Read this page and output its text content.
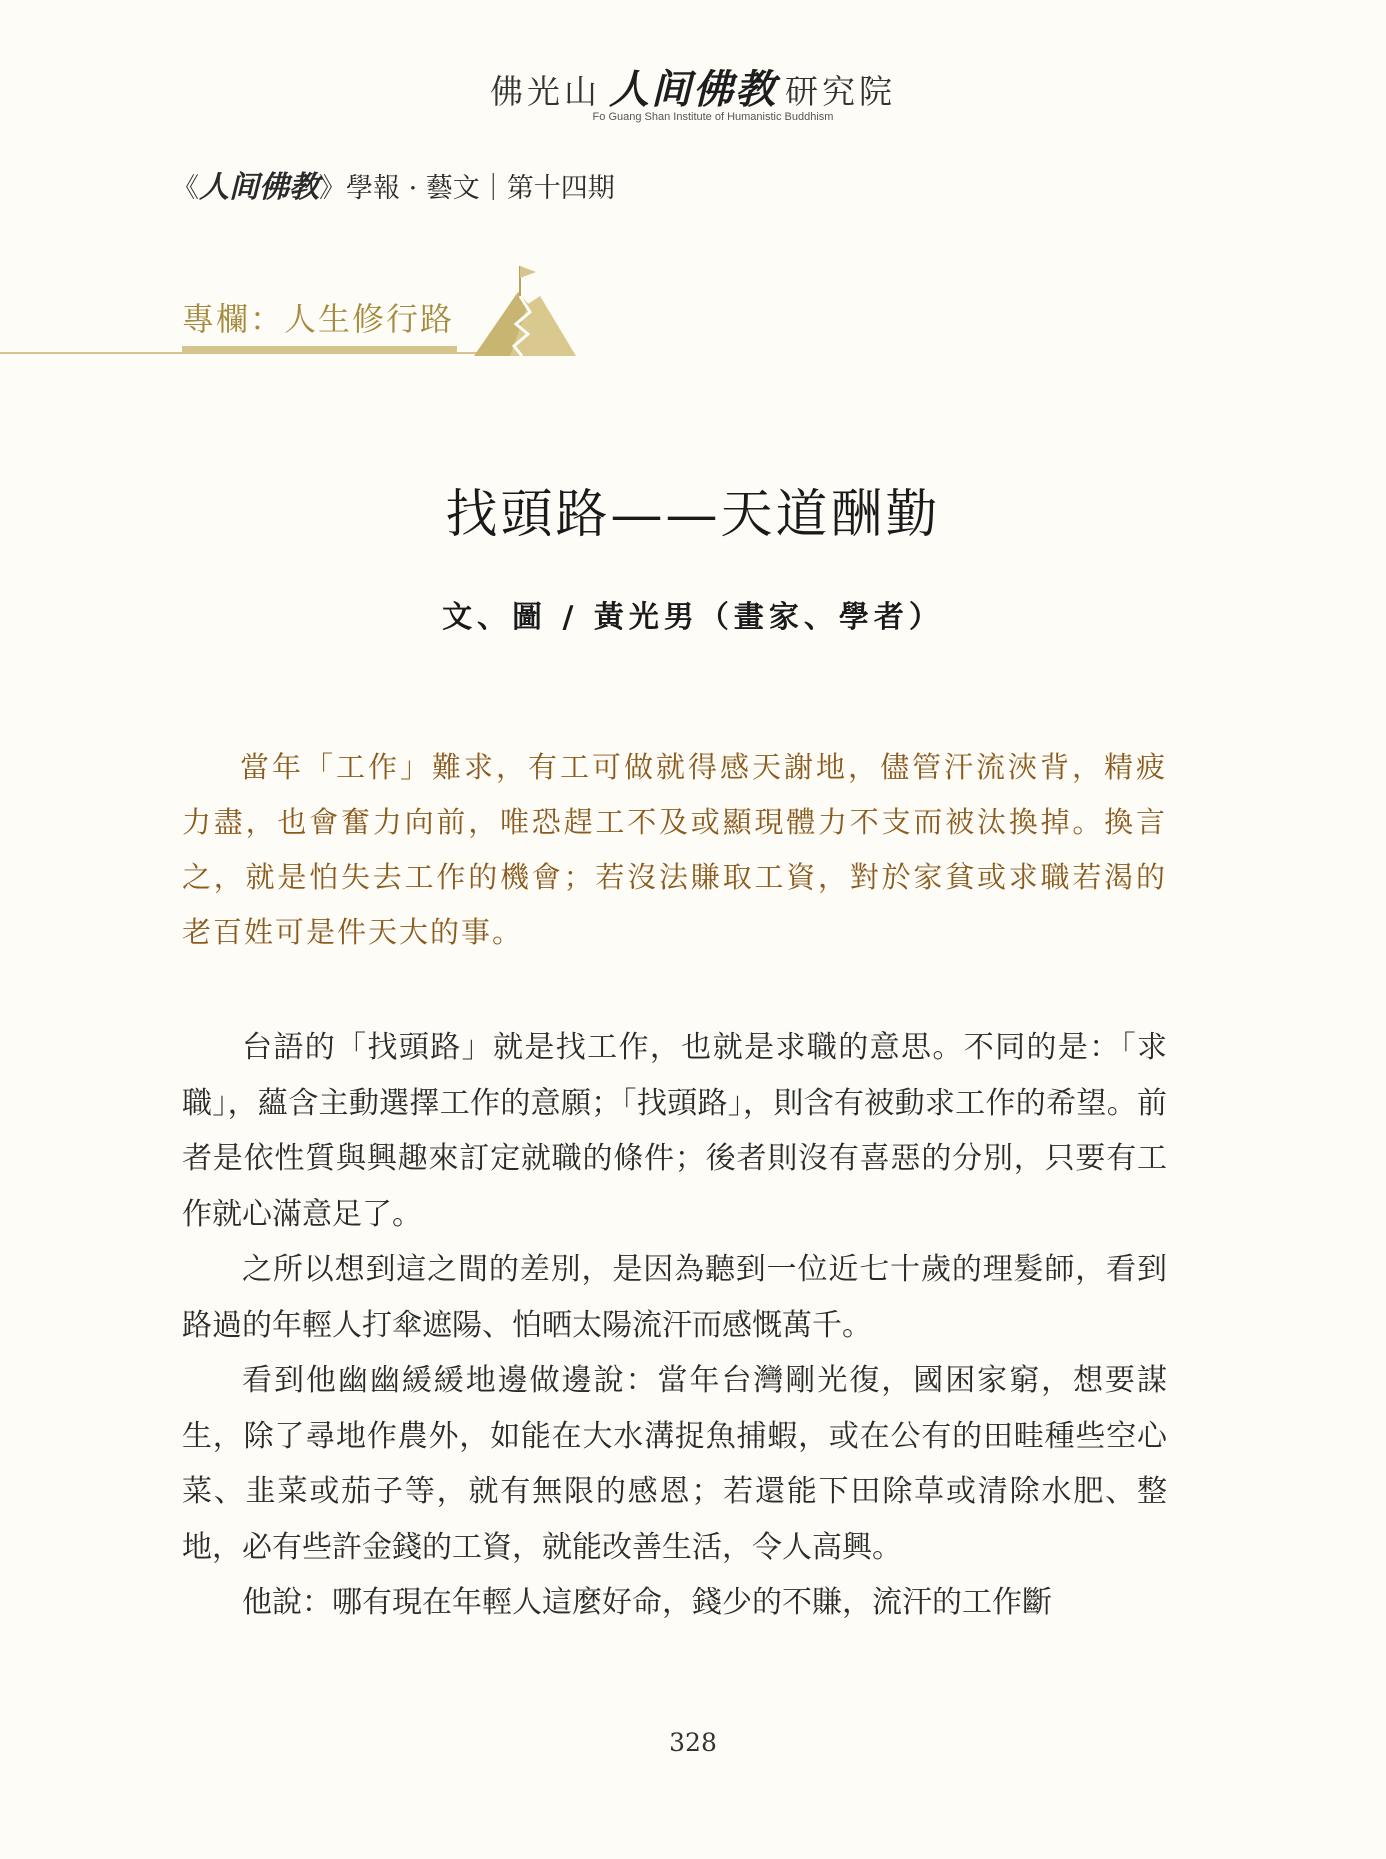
佛光山 人间佛教 研究院
Fo Guang Shan Institute of Humanistic Buddhism
《人间佛教》學報 · 藝文｜第十四期
專欄：人生修行路
找頭路——天道酬勤
文、圖 / 黃光男（畫家、學者）

當年「工作」難求，有工可做就得感天謝地，儘管汗流浹背，精疲力盡，也會奮力向前，唯恐趕工不及或顯現體力不支而被汰換掉。換言之，就是怕失去工作的機會；若沒法賺取工資，對於家貧或求職若渴的老百姓可是件天大的事。

台語的「找頭路」就是找工作，也就是求職的意思。不同的是：「求職」，蘊含主動選擇工作的意願；「找頭路」，則含有被動求工作的希望。前者是依性質與興趣來訂定就職的條件；後者則沒有喜惡的分別，只要有工作就心滿意足了。

之所以想到這之間的差別，是因為聽到一位近七十歲的理髮師，看到路過的年輕人打傘遮陽、怕晒太陽流汗而感慨萬千。

看到他幽幽緩緩地邊做邊說：當年台灣剛光復，國困家窮，想要謀生，除了尋地作農外，如能在大水溝捉魚捕蝦，或在公有的田畦種些空心菜、韭菜或茄子等，就有無限的感恩；若還能下田除草或清除水肥、整地，必有些許金錢的工資，就能改善生活，令人高興。

他說：哪有現在年輕人這麼好命，錢少的不賺，流汗的工作斷

328
